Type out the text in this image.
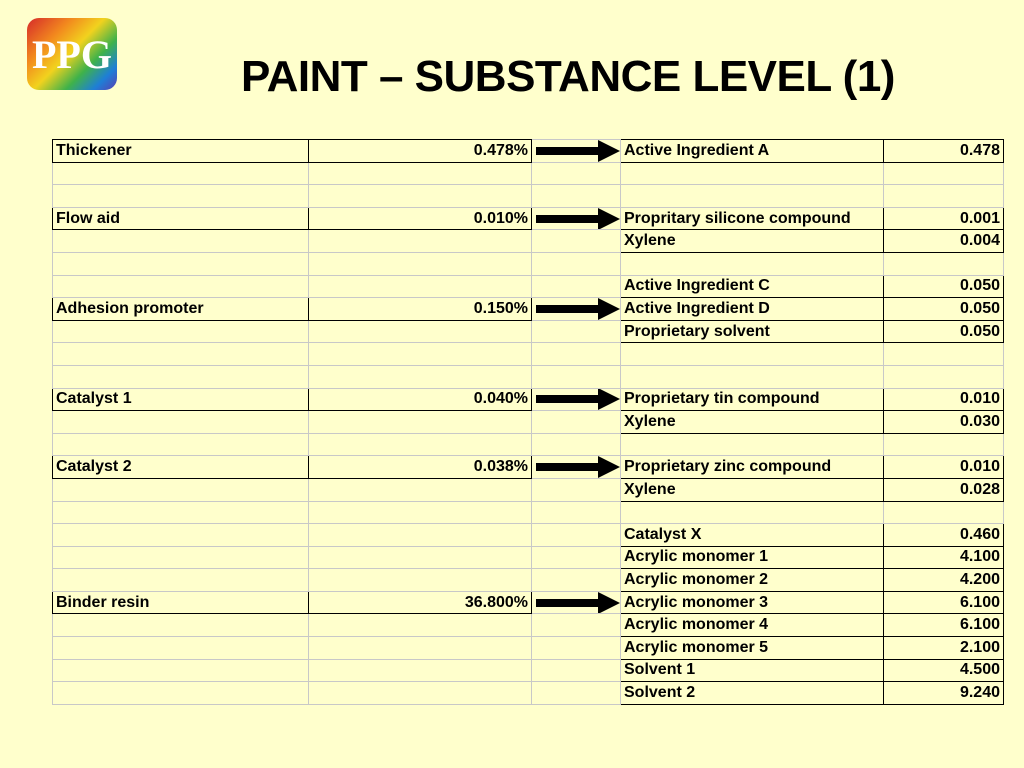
PPG	PAINT – SUBSTANCE LEVEL (1)
Thickener	0.478%		Active Ingredient A	0.478

Flow aid	0.010%		Propritary silicone compound	0.001
			Xylene	0.004

			Active Ingredient C	0.050
Adhesion promoter	0.150%		Active Ingredient D	0.050
			Proprietary solvent	0.050

Catalyst 1	0.040%		Proprietary tin compound	0.010
			Xylene	0.030

Catalyst 2	0.038%		Proprietary zinc compound	0.010
			Xylene	0.028

			Catalyst X	0.460
			Acrylic monomer 1	4.100
			Acrylic monomer 2	4.200
Binder resin	36.800%		Acrylic monomer 3	6.100
			Acrylic monomer 4	6.100
			Acrylic monomer 5	2.100
			Solvent 1	4.500
			Solvent 2	9.240
